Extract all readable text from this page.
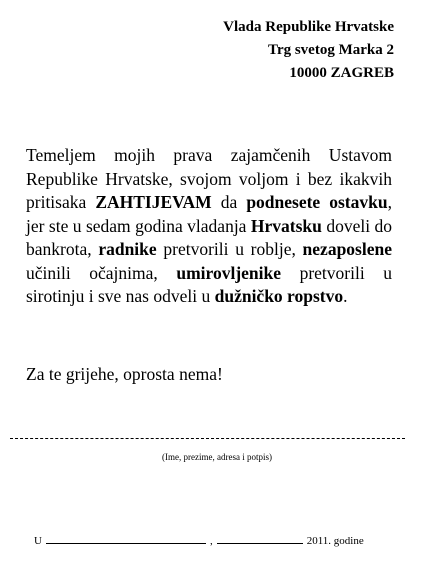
Vlada Republike Hrvatske
Trg svetog Marka 2
10000 ZAGREB
Temeljem mojih prava zajamčenih Ustavom Republike Hrvatske, svojom voljom i bez ikakvih pritisaka ZAHTIJEVAM da podnesete ostavku, jer ste u sedam godina vladanja Hrvatsku doveli do bankrota, radnike pretvorili u roblje, nezaposlene učinili očajnima, umirovljenike pretvorili u sirotinju i sve nas odveli u dužničko ropstvo.
Za te grijehe, oprosta nema!
(Ime, prezime, adresa i potpis)
U	,	2011. godine
